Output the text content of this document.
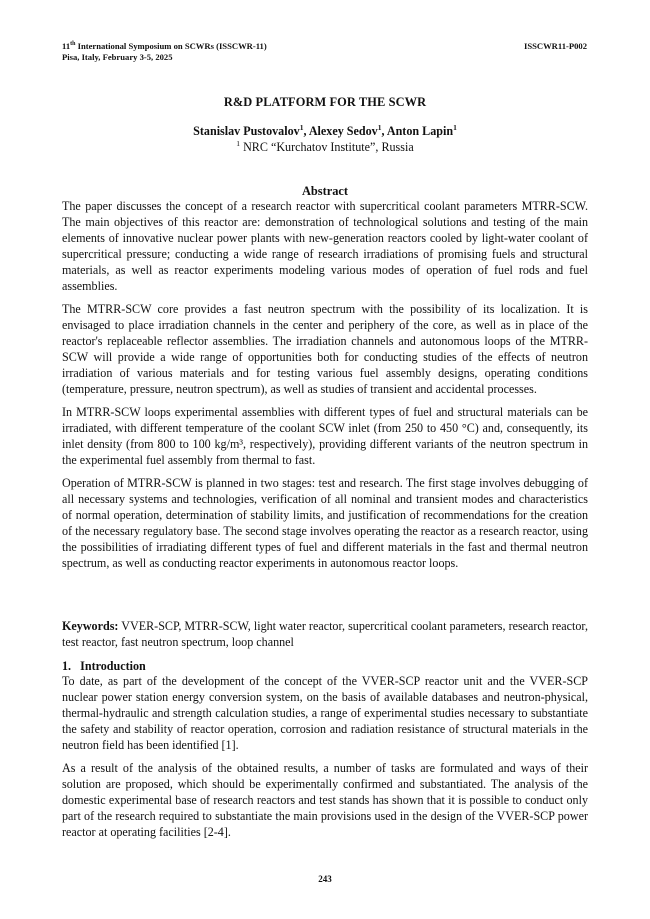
11th International Symposium on SCWRs (ISSCWR-11)
Pisa, Italy, February 3-5, 2025
ISSCWR11-P002
R&D PLATFORM FOR THE SCWR
Stanislav Pustovalov$^1$, Alexey Sedov$^1$, Anton Lapin$^1$
$^1$ NRC “Kurchatov Institute”, Russia
Abstract

The paper discusses the concept of a research reactor with supercritical coolant parameters MTRR-SCW. The main objectives of this reactor are: demonstration of technological solutions and testing of the main elements of innovative nuclear power plants with new-generation reactors cooled by light-water coolant of supercritical pressure; conducting a wide range of research irradiations of promising fuels and structural materials, as well as reactor experiments modeling various modes of operation of fuel rods and fuel assemblies.

The MTRR-SCW core provides a fast neutron spectrum with the possibility of its localization. It is envisaged to place irradiation channels in the center and periphery of the core, as well as in place of the reactor's replaceable reflector assemblies. The irradiation channels and autonomous loops of the MTRR-SCW will provide a wide range of opportunities both for conducting studies of the effects of neutron irradiation of various materials and for testing various fuel assembly designs, operating conditions (temperature, pressure, neutron spectrum), as well as studies of transient and accidental processes.

In MTRR-SCW loops experimental assemblies with different types of fuel and structural materials can be irradiated, with different temperature of the coolant SCW inlet (from 250 to 450 °C) and, consequently, its inlet density (from 800 to 100 kg/m³, respectively), providing different variants of the neutron spectrum in the experimental fuel assembly from thermal to fast.

Operation of MTRR-SCW is planned in two stages: test and research. The first stage involves debugging of all necessary systems and technologies, verification of all nominal and transient modes and characteristics of normal operation, determination of stability limits, and justification of recommendations for the creation of the necessary regulatory base. The second stage involves operating the reactor as a research reactor, using the possibilities of irradiating different types of fuel and different materials in the fast and thermal neutron spectrum, as well as conducting reactor experiments in autonomous reactor loops.

Keywords: VVER-SCP, MTRR-SCW, light water reactor, supercritical coolant parameters, research reactor, test reactor, fast neutron spectrum, loop channel
1.   Introduction

To date, as part of the development of the concept of the VVER-SCP reactor unit and the VVER-SCP nuclear power station energy conversion system, on the basis of available databases and neutron-physical, thermal-hydraulic and strength calculation studies, a range of experimental studies necessary to substantiate the safety and stability of reactor operation, corrosion and radiation resistance of structural materials in the neutron field has been identified [1].

As a result of the analysis of the obtained results, a number of tasks are formulated and ways of their solution are proposed, which should be experimentally confirmed and substantiated. The analysis of the domestic experimental base of research reactors and test stands has shown that it is possible to conduct only part of the research required to substantiate the main provisions used in the design of the VVER-SCP power reactor at operating facilities [2-4].

243
